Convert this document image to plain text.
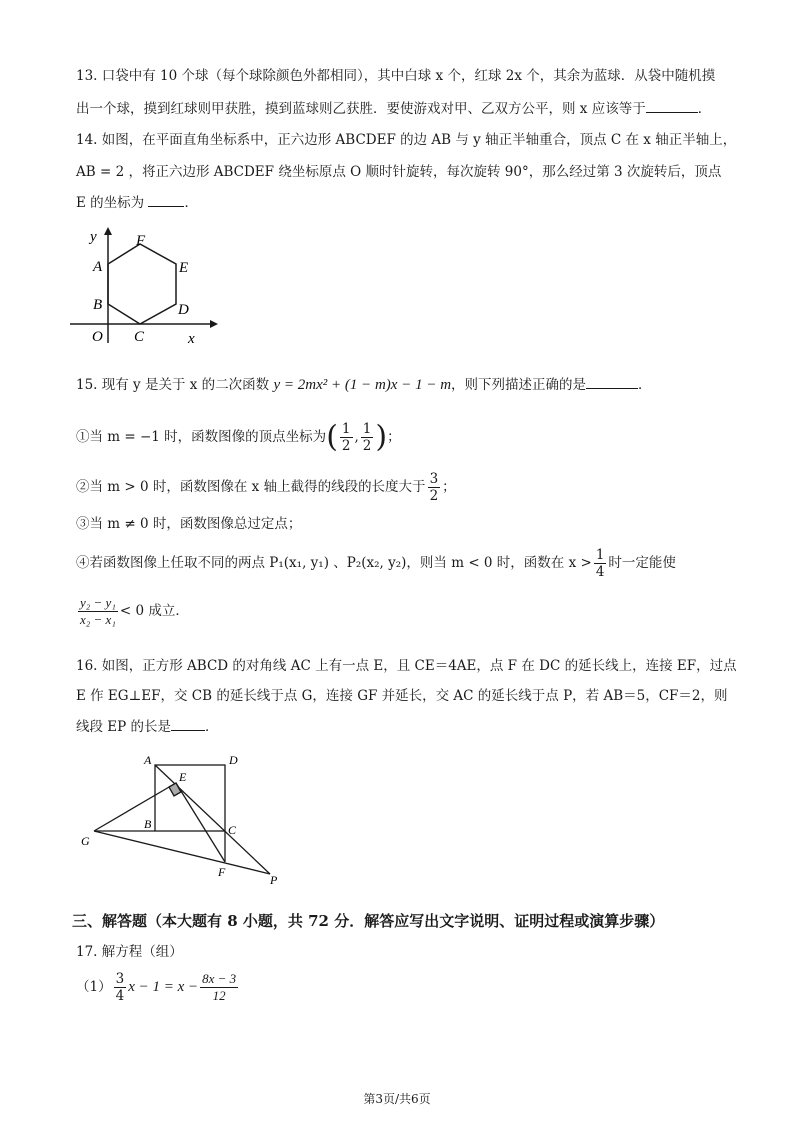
13. 口袋中有 10 个球（每个球除颜色外都相同），其中白球 x 个，红球 2x 个，其余为蓝球．从袋中随机摸
出一个球，摸到红球则甲获胜，摸到蓝球则乙获胜．要使游戏对甲、乙双方公平，则 x 应该等于	．
14. 如图，在平面直角坐标系中，正六边形 ABCDEF 的边 AB 与 y 轴正半轴重合，顶点 C 在 x 轴正半轴上，
AB = 2 ，将正六边形 ABCDEF 绕坐标原点 O 顺时针旋转，每次旋转 90°，那么经过第 3 次旋转后，顶点
E 的坐标为	．
y
x
A
B
C
D
E
F
O
15. 现有 y 是关于 x 的二次函数 y = 2mx² + (1 − m)x − 1 − m，则下列描述正确的是	．
①当 m = −1 时，函数图像的顶点坐标为( $\frac{1}{2}$ , $\frac{1}{2}$ )；
②当 m > 0 时，函数图像在 x 轴上截得的线段的长度大于 $\frac{3}{2}$ ；
③当 m ≠ 0 时，函数图像总过定点；
④若函数图像上任取不同的两点 P₁(x₁, y₁) 、P₂(x₂, y₂)，则当 m < 0 时，函数在 $x > \frac{1}{4}$ 时一定能使
$\frac{\text{y₂ − y₁}}{\text{x₂ − x₁}} < 0$ 成立．
16. 如图，正方形 ABCD 的对角线 AC 上有一点 E，且 CE＝4AE，点 F 在 DC 的延长线上，连接 EF，过点
E 作 EG⊥EF，交 CB 的延长线于点 G，连接 GF 并延长，交 AC 的延长线于点 P，若 AB＝5，CF＝2，则
线段 EP 的长是	．
A	D
E
B	C
G
F
P
三、解答题（本大题有 8 小题，共 72 分．解答应写出文字说明、证明过程或演算步骤）
17. 解方程（组）
$(1) \frac{3}{4}$ $x - 1 = x - \frac{8x - 3}{12}$
第3页/共6页
